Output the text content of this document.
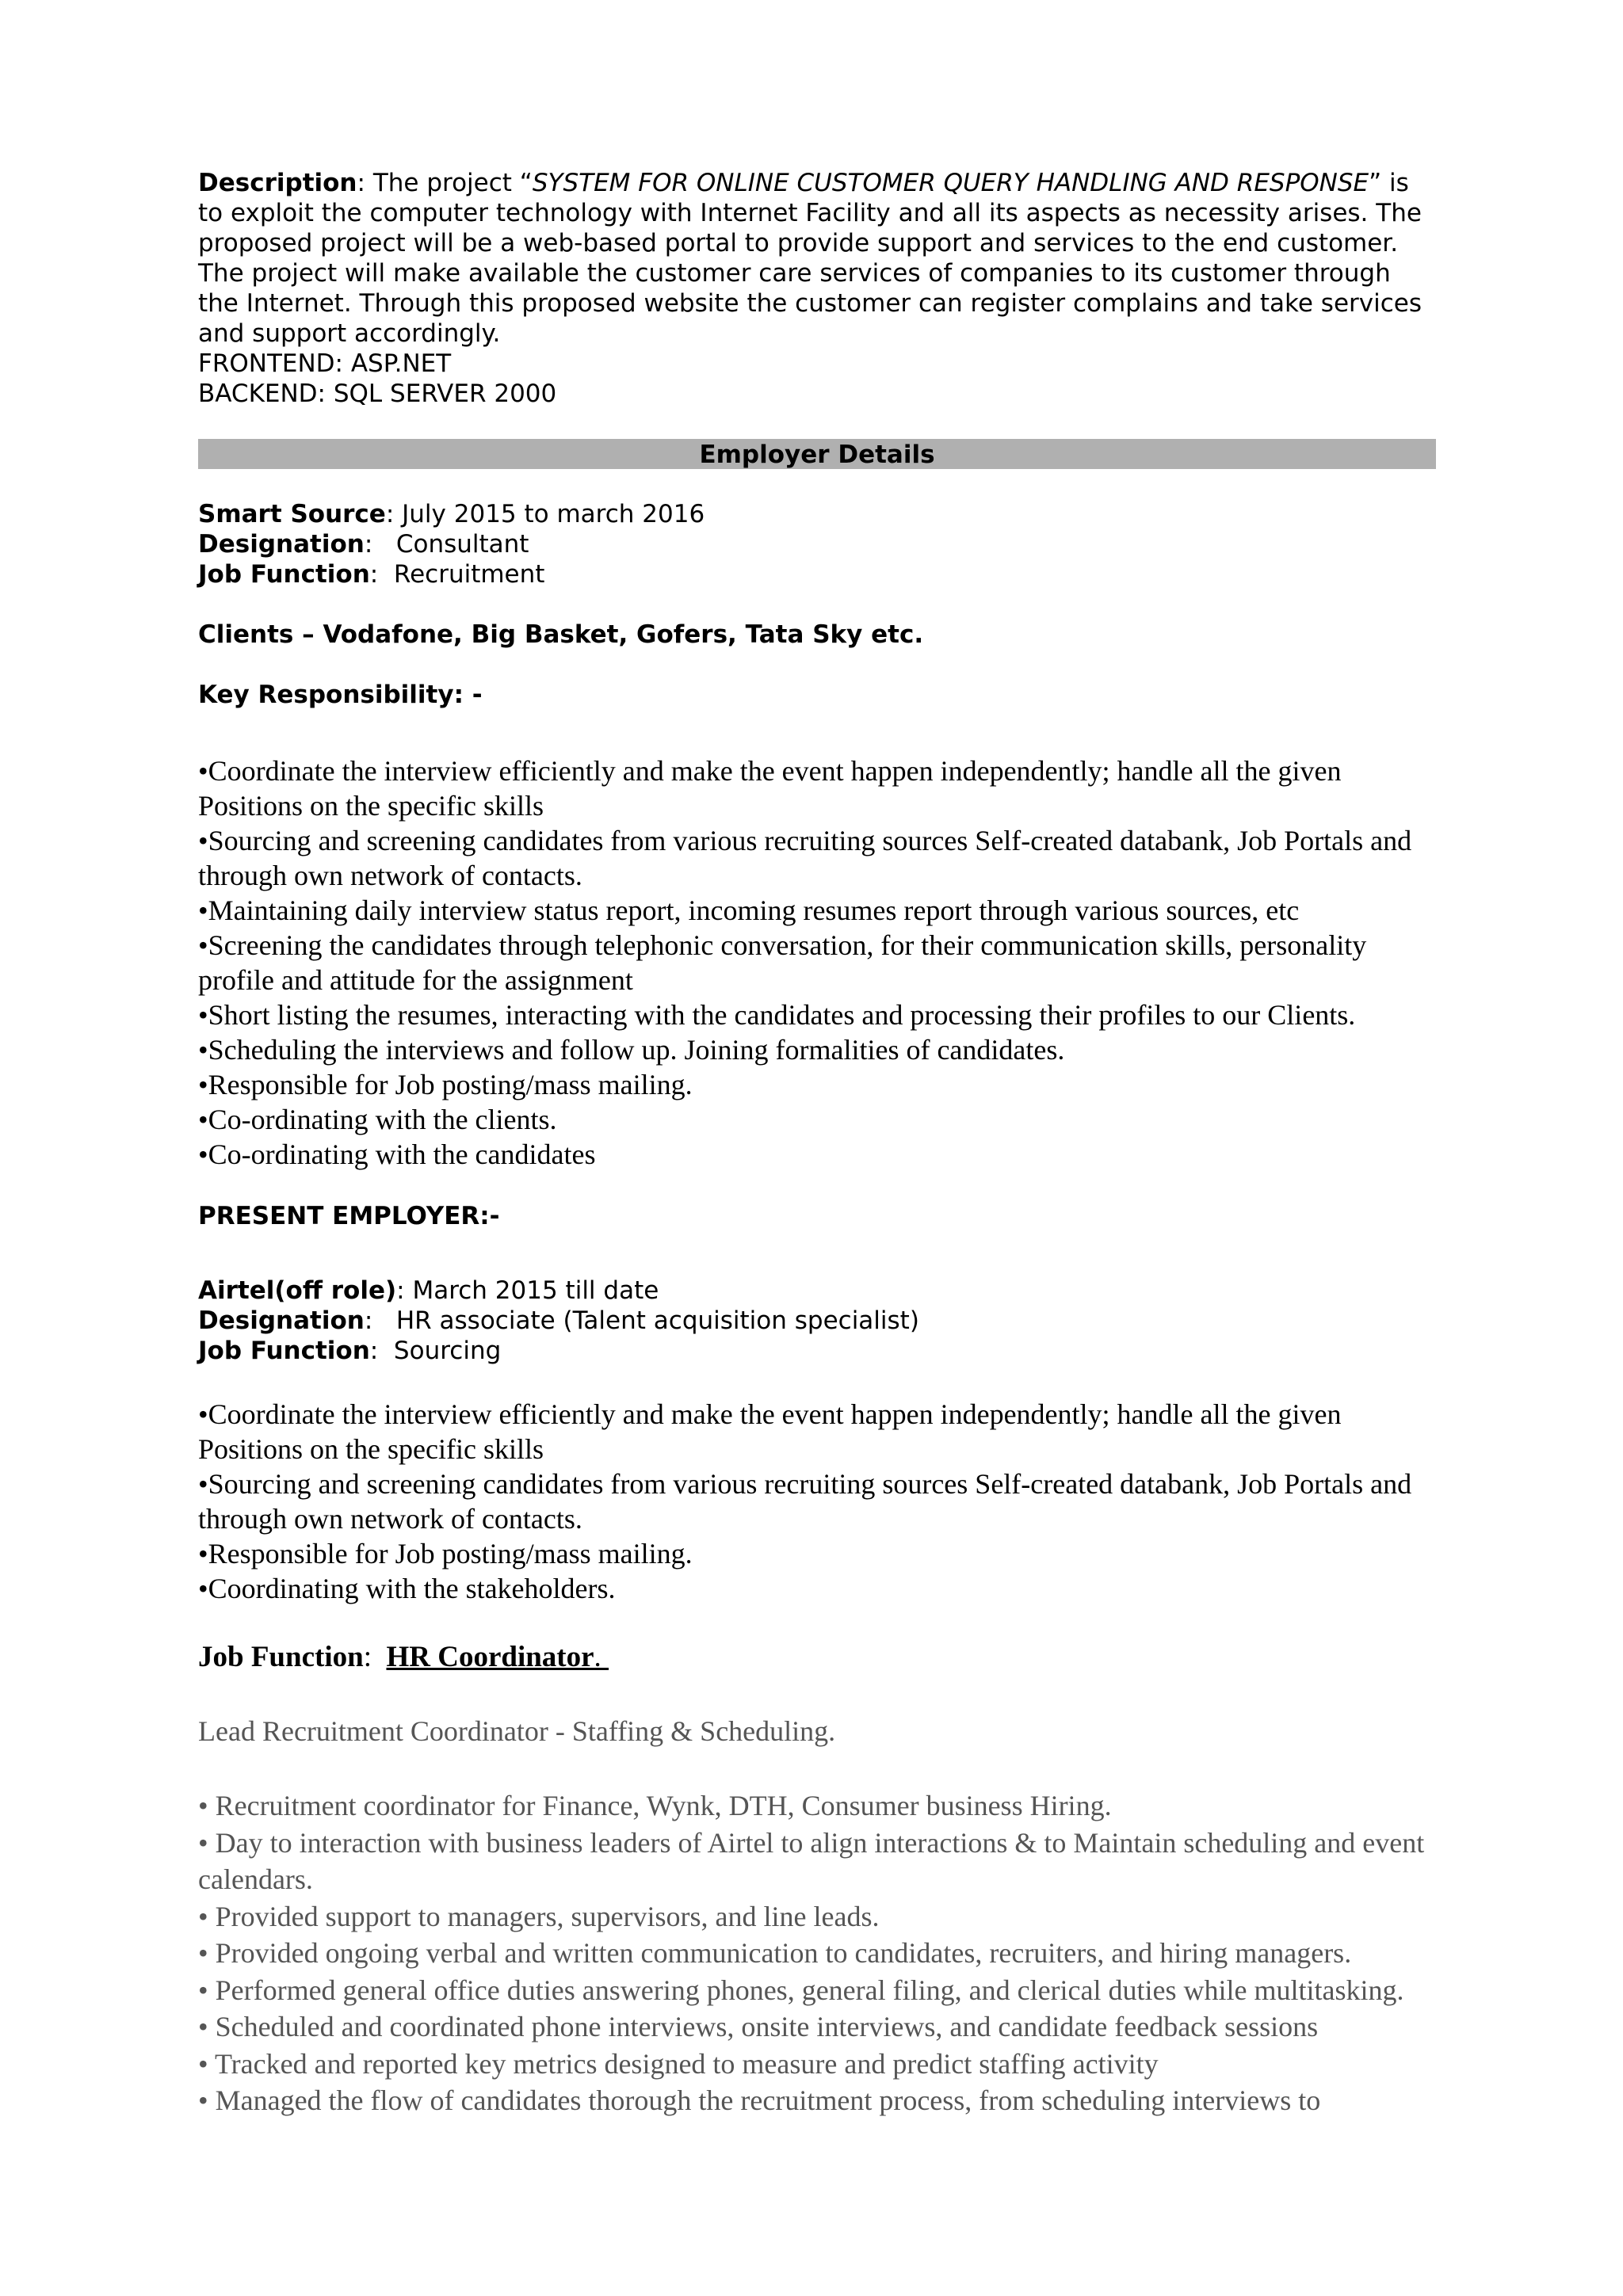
Description: The project “SYSTEM FOR ONLINE CUSTOMER QUERY HANDLING AND RESPONSE” is to exploit the computer technology with Internet Facility and all its aspects as necessity arises. The proposed project will be a web-based portal to provide support and services to the end customer. The project will make available the customer care services of companies to its customer through the Internet. Through this proposed website the customer can register complains and take services and support accordingly.

FRONTEND: ASP.NET

BACKEND: SQL SERVER 2000

Employer Details

Smart Source: July 2015 to march 2016

Designation:   Consultant

Job Function:  Recruitment

Clients – Vodafone, Big Basket, Gofers, Tata Sky etc.

Key Responsibility: -

•Coordinate the interview efficiently and make the event happen independently; handle all the given Positions on the specific skills
•Sourcing and screening candidates from various recruiting sources Self-created databank, Job Portals and through own network of contacts.
•Maintaining daily interview status report, incoming resumes report through various sources, etc
•Screening the candidates through telephonic conversation, for their communication skills, personality profile and attitude for the assignment
•Short listing the resumes, interacting with the candidates and processing their profiles to our Clients.
•Scheduling the interviews and follow up. Joining formalities of candidates.
•Responsible for Job posting/mass mailing.
•Co-ordinating with the clients.
•Co-ordinating with the candidates

PRESENT EMPLOYER:-

Airtel(off role): March 2015 till date

Designation:   HR associate (Talent acquisition specialist)

Job Function:  Sourcing

•Coordinate the interview efficiently and make the event happen independently; handle all the given Positions on the specific skills
•Sourcing and screening candidates from various recruiting sources Self-created databank, Job Portals and through own network of contacts.
•Responsible for Job posting/mass mailing.
•Coordinating with the stakeholders.

Job Function:  HR Coordinator.

Lead Recruitment Coordinator - Staffing & Scheduling.

• Recruitment coordinator for Finance, Wynk, DTH, Consumer business Hiring.
• Day to interaction with business leaders of Airtel to align interactions & to Maintain scheduling and event calendars.
• Provided support to managers, supervisors, and line leads.
• Provided ongoing verbal and written communication to candidates, recruiters, and hiring managers.
• Performed general office duties answering phones, general filing, and clerical duties while multitasking.
• Scheduled and coordinated phone interviews, onsite interviews, and candidate feedback sessions
• Tracked and reported key metrics designed to measure and predict staffing activity
• Managed the flow of candidates thorough the recruitment process, from scheduling interviews to
